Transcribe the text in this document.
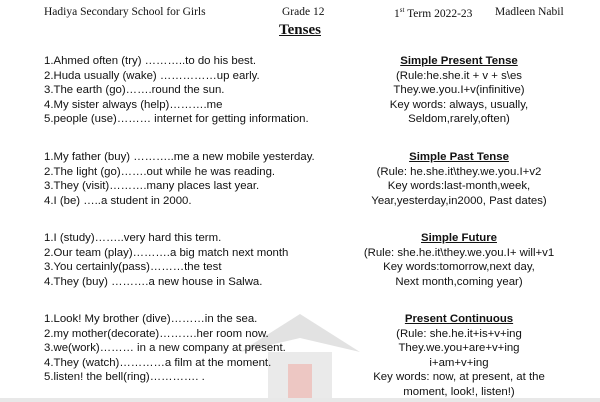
Hadiya Secondary School for Girls	Grade 12	1st Term 2022-23 Madleen Nabil
Tenses
1.Ahmed often (try) ………..to do his best.
2.Huda usually (wake) ……………up early.
3.The earth (go)…….round the sun.
4.My sister always (help)……….me
5.people (use)……… internet for getting information.
Simple Present Tense
(Rule:he.she.it + v + s\es
They.we.you.I+v(infinitive)
Key words: always, usually,
Seldom,rarely,often)
1.My father (buy) ………..me a new mobile yesterday.
2.The light (go)…….out while he was reading.
3.They (visit)……….many places last year.
4.I (be) …..a student in 2000.
Simple Past Tense
(Rule: he.she.it\they.we.you.I+v2
Key words:last-month,week,
Year,yesterday,in2000, Past dates)
1.I (study)……..very hard this term.
2.Our team (play)……….a big match next month
3.You certainly(pass)………the test
4.They (buy) ……….a new house in Salwa.
Simple Future
(Rule: she.he.it\they.we.you.I+ will+v1
Key words:tomorrow,next day,
Next month,coming year)
1.Look! My brother (dive)………in the sea.
2.my mother(decorate)……….her room now.
3.we(work)……… in a new company at present.
4.They (watch)…………a film at the moment.
5.listen! the bell(ring)…………. .
Present Continuous
(Rule: she.he.it+is+v+ing
They.we.you+are+v+ing
i+am+v+ing
Key words: now, at present, at the
moment, look!, listen!)
